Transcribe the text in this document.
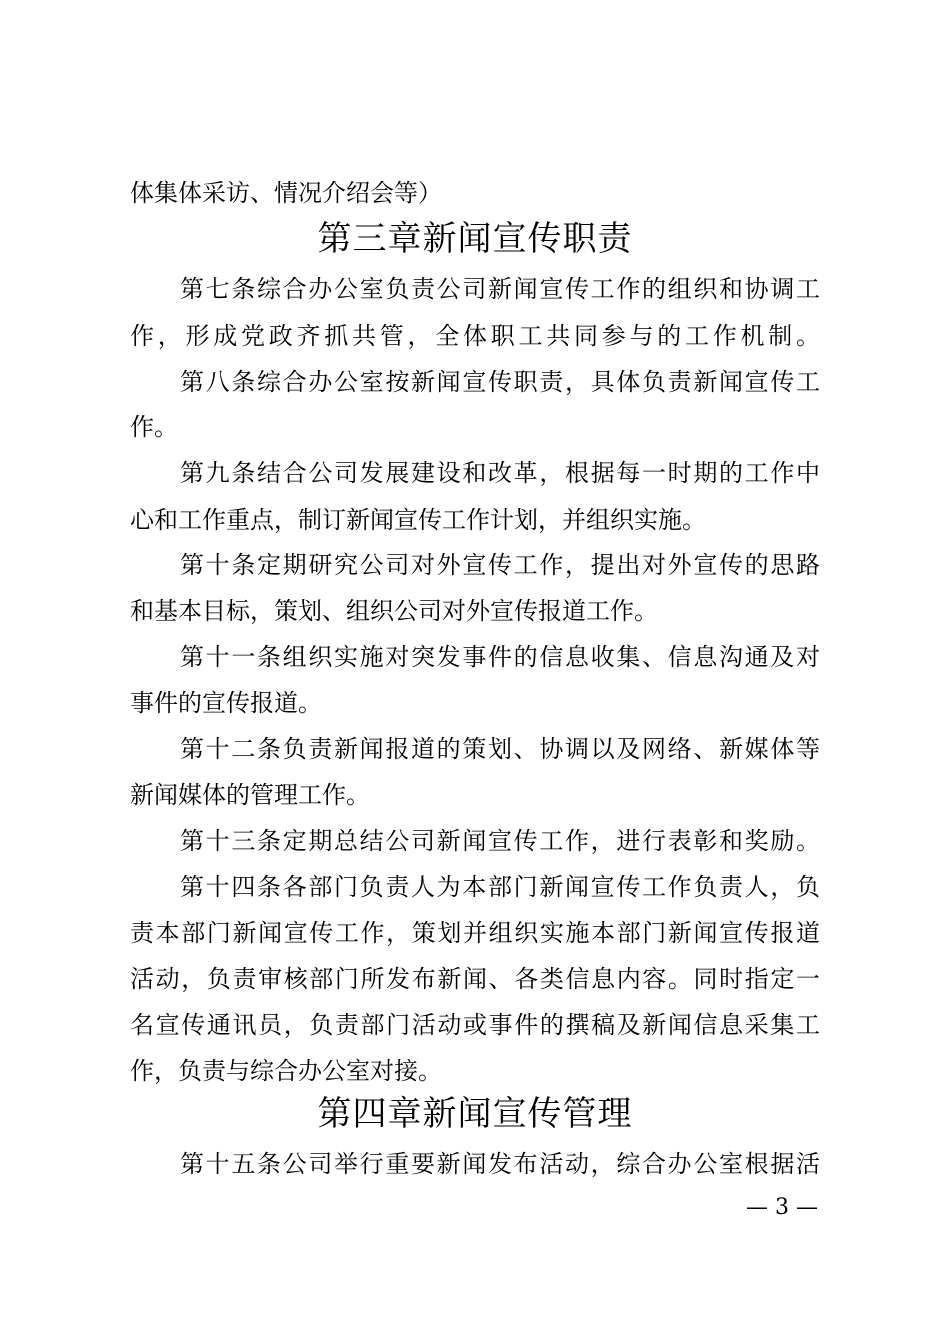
体集体采访、情况介绍会等）
第三章新闻宣传职责
第七条综合办公室负责公司新闻宣传工作的组织和协调工
作，形成党政齐抓共管，全体职工共同参与的工作机制。
第八条综合办公室按新闻宣传职责，具体负责新闻宣传工
作。
第九条结合公司发展建设和改革，根据每一时期的工作中
心和工作重点，制订新闻宣传工作计划，并组织实施。
第十条定期研究公司对外宣传工作，提出对外宣传的思路
和基本目标，策划、组织公司对外宣传报道工作。
第十一条组织实施对突发事件的信息收集、信息沟通及对
事件的宣传报道。
第十二条负责新闻报道的策划、协调以及网络、新媒体等
新闻媒体的管理工作。
第十三条定期总结公司新闻宣传工作，进行表彰和奖励。
第十四条各部门负责人为本部门新闻宣传工作负责人，负
责本部门新闻宣传工作，策划并组织实施本部门新闻宣传报道
活动，负责审核部门所发布新闻、各类信息内容。同时指定一
名宣传通讯员，负责部门活动或事件的撰稿及新闻信息采集工
作，负责与综合办公室对接。
第四章新闻宣传管理
第十五条公司举行重要新闻发布活动，综合办公室根据活
— 3 —
